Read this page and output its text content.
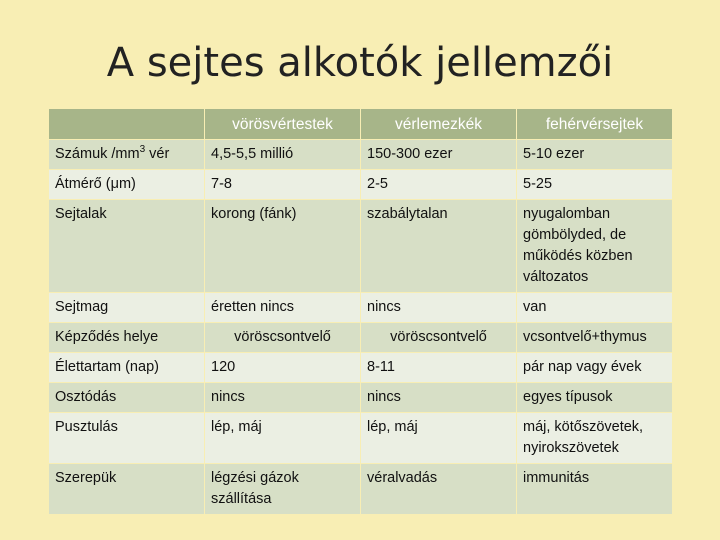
A sejtes alkotók jellemzői
	vörösvértestek	vérlemezkék	fehérvérsejtek
Számuk $/mm^3$ vér	4,5-5,5 millió	150-300 ezer	5-10 ezer
Átmérő (μm)	7-8	2-5	5-25
Sejtalak	korong (fánk)	szabálytalan	nyugalomban gömbölyded, de működés közben változatos
Sejtmag	éretten nincs	nincs	van
Képződés helye	vöröscsontvelő	vöröscsontvelő	vcsontvelő+thymus
Élettartam (nap)	120	8-11	pár nap vagy évek
Osztódás	nincs	nincs	egyes típusok
Pusztulás	lép, máj	lép, máj	máj, kötőszövetek, nyirokszövetek
Szerepük	légzési gázok szállítása	véralvadás	immunitás
